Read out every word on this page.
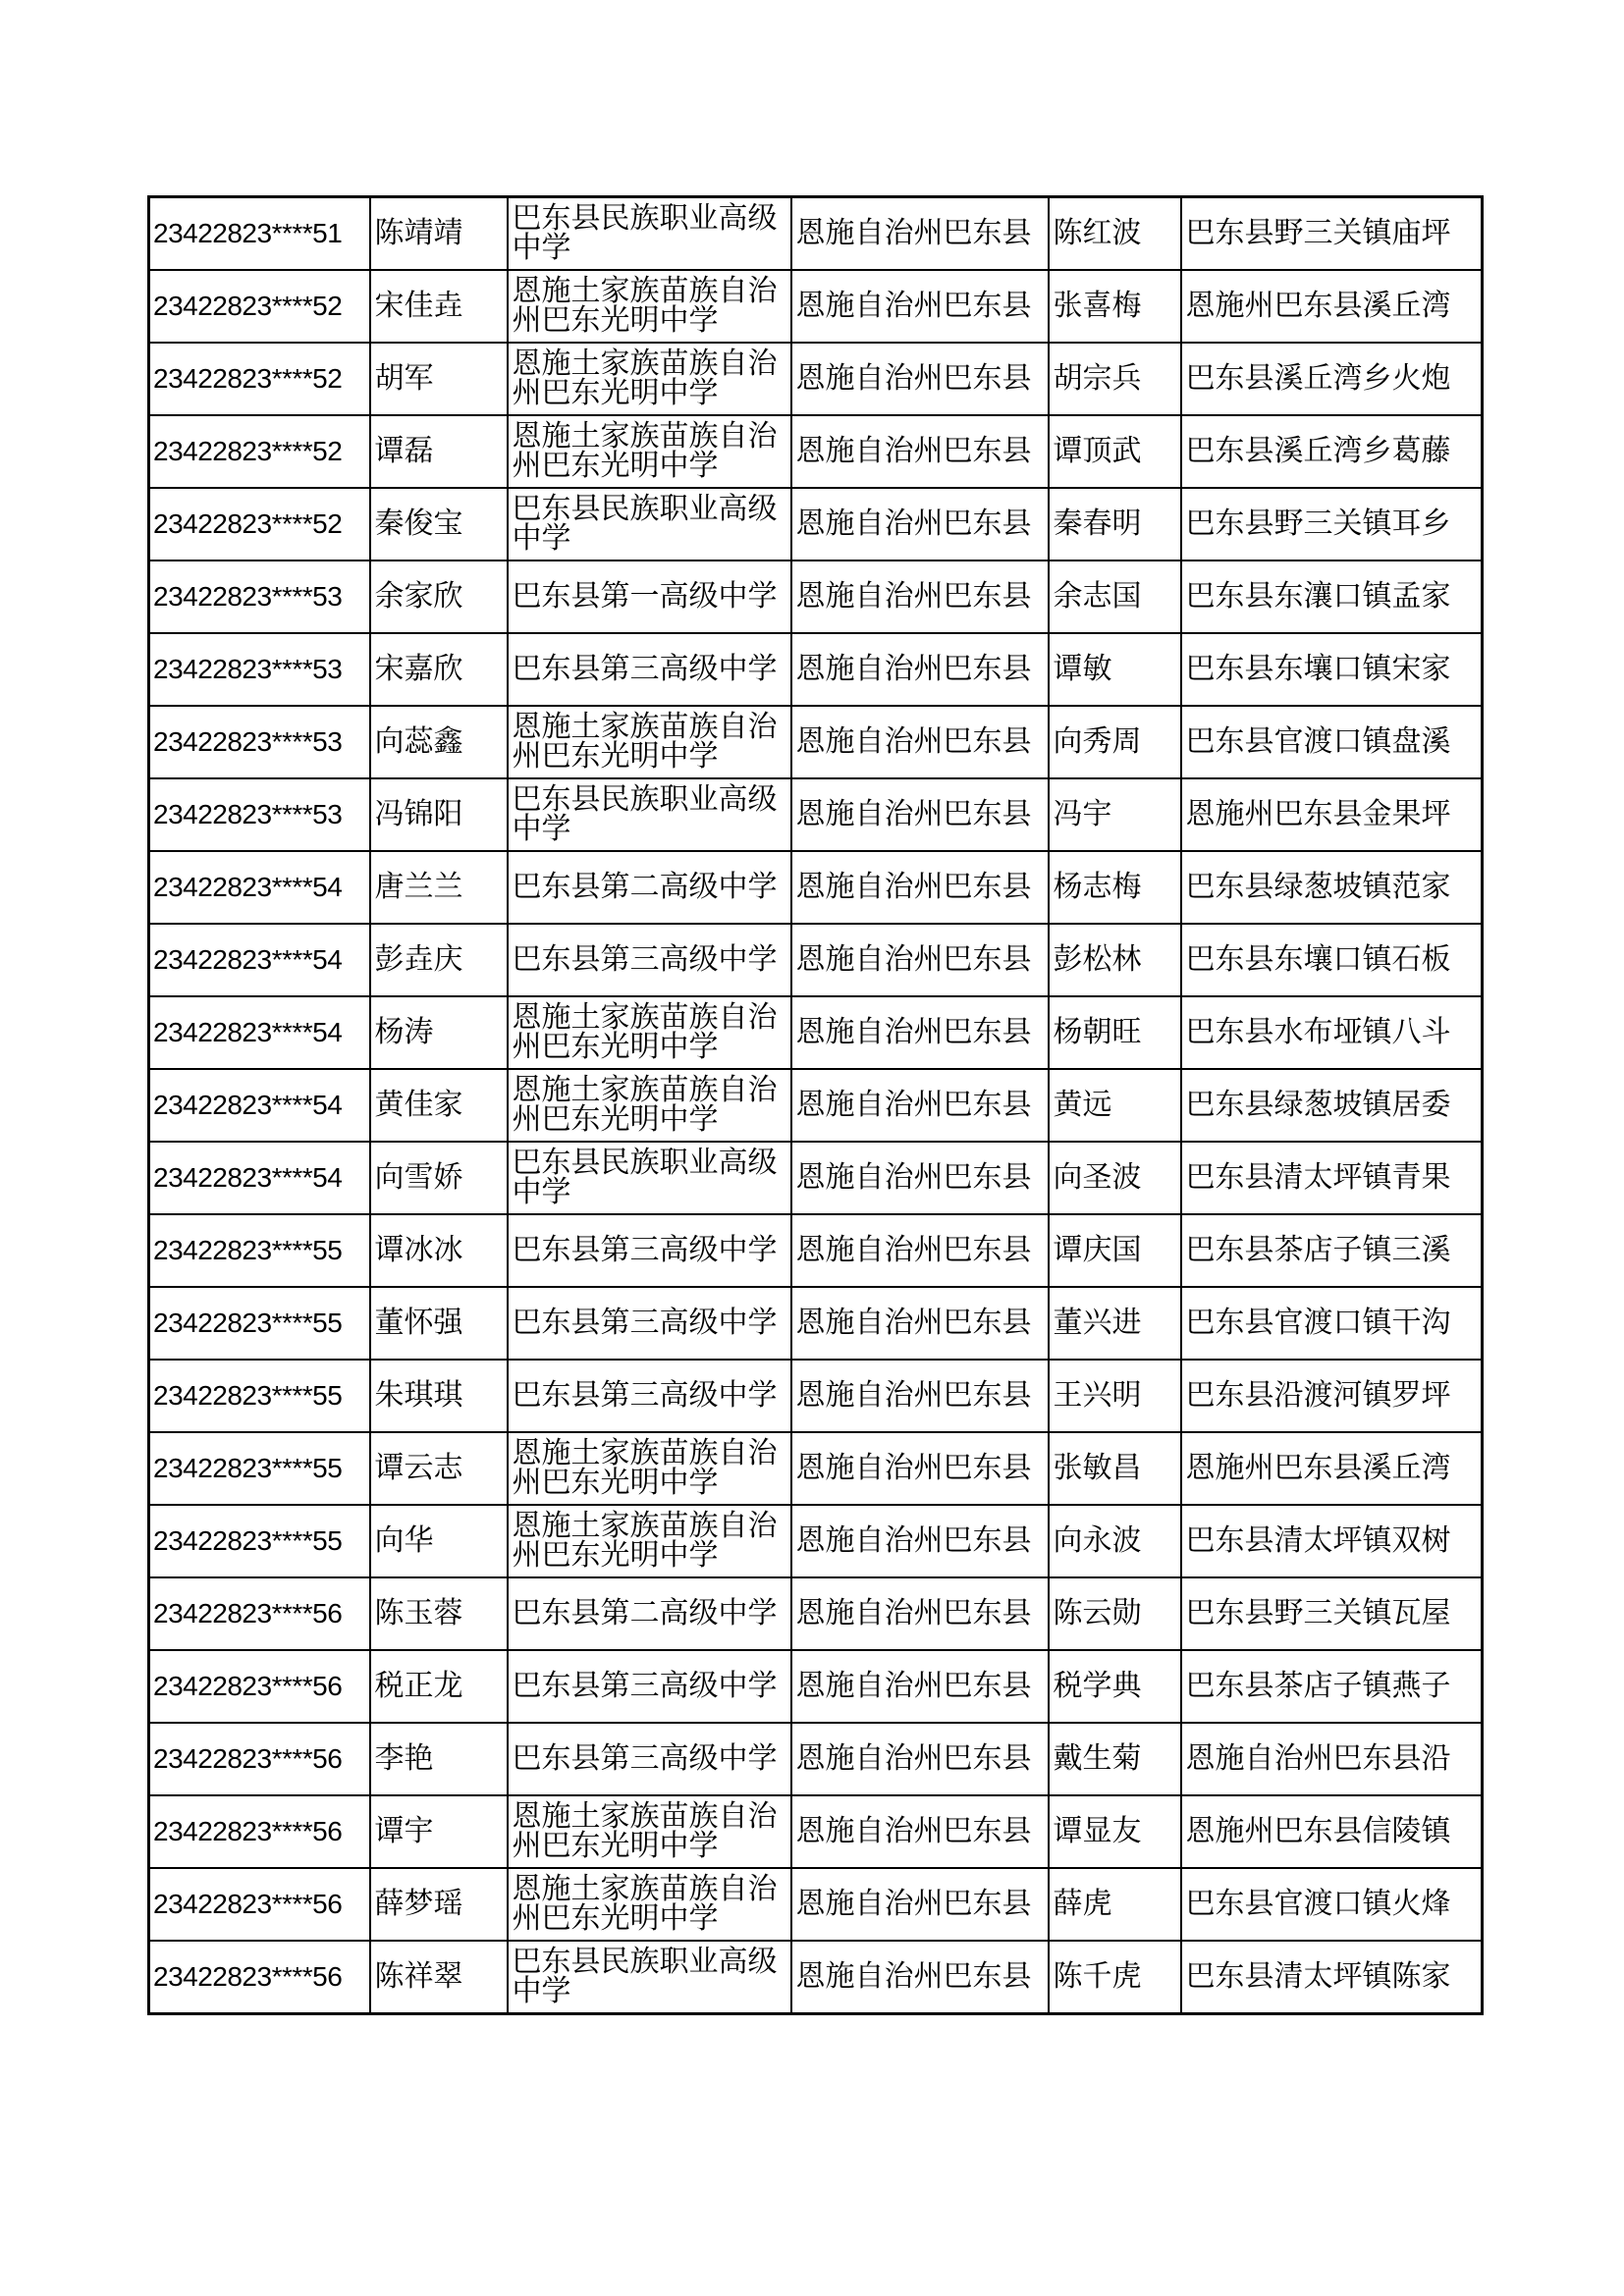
23422823****51	陈靖靖	巴东县民族职业高级中学	恩施自治州巴东县	陈红波	巴东县野三关镇庙坪
23422823****52	宋佳垚	恩施土家族苗族自治州巴东光明中学	恩施自治州巴东县	张喜梅	恩施州巴东县溪丘湾
23422823****52	胡军	恩施土家族苗族自治州巴东光明中学	恩施自治州巴东县	胡宗兵	巴东县溪丘湾乡火炮
23422823****52	谭磊	恩施土家族苗族自治州巴东光明中学	恩施自治州巴东县	谭顶武	巴东县溪丘湾乡葛藤
23422823****52	秦俊宝	巴东县民族职业高级中学	恩施自治州巴东县	秦春明	巴东县野三关镇耳乡
23422823****53	余家欣	巴东县第一高级中学	恩施自治州巴东县	余志国	巴东县东瀼口镇孟家
23422823****53	宋嘉欣	巴东县第三高级中学	恩施自治州巴东县	谭敏	巴东县东壤口镇宋家
23422823****53	向蕊鑫	恩施土家族苗族自治州巴东光明中学	恩施自治州巴东县	向秀周	巴东县官渡口镇盘溪
23422823****53	冯锦阳	巴东县民族职业高级中学	恩施自治州巴东县	冯宇	恩施州巴东县金果坪
23422823****54	唐兰兰	巴东县第二高级中学	恩施自治州巴东县	杨志梅	巴东县绿葱坡镇范家
23422823****54	彭垚庆	巴东县第三高级中学	恩施自治州巴东县	彭松林	巴东县东壤口镇石板
23422823****54	杨涛	恩施土家族苗族自治州巴东光明中学	恩施自治州巴东县	杨朝旺	巴东县水布垭镇八斗
23422823****54	黄佳家	恩施土家族苗族自治州巴东光明中学	恩施自治州巴东县	黄远	巴东县绿葱坡镇居委
23422823****54	向雪娇	巴东县民族职业高级中学	恩施自治州巴东县	向圣波	巴东县清太坪镇青果
23422823****55	谭冰冰	巴东县第三高级中学	恩施自治州巴东县	谭庆国	巴东县茶店子镇三溪
23422823****55	董怀强	巴东县第三高级中学	恩施自治州巴东县	董兴进	巴东县官渡口镇干沟
23422823****55	朱琪琪	巴东县第三高级中学	恩施自治州巴东县	王兴明	巴东县沿渡河镇罗坪
23422823****55	谭云志	恩施土家族苗族自治州巴东光明中学	恩施自治州巴东县	张敏昌	恩施州巴东县溪丘湾
23422823****55	向华	恩施土家族苗族自治州巴东光明中学	恩施自治州巴东县	向永波	巴东县清太坪镇双树
23422823****56	陈玉蓉	巴东县第二高级中学	恩施自治州巴东县	陈云勋	巴东县野三关镇瓦屋
23422823****56	税正龙	巴东县第三高级中学	恩施自治州巴东县	税学典	巴东县茶店子镇燕子
23422823****56	李艳	巴东县第三高级中学	恩施自治州巴东县	戴生菊	恩施自治州巴东县沿
23422823****56	谭宇	恩施土家族苗族自治州巴东光明中学	恩施自治州巴东县	谭显友	恩施州巴东县信陵镇
23422823****56	薛梦瑶	恩施土家族苗族自治州巴东光明中学	恩施自治州巴东县	薛虎	巴东县官渡口镇火烽
23422823****56	陈祥翠	巴东县民族职业高级中学	恩施自治州巴东县	陈千虎	巴东县清太坪镇陈家
